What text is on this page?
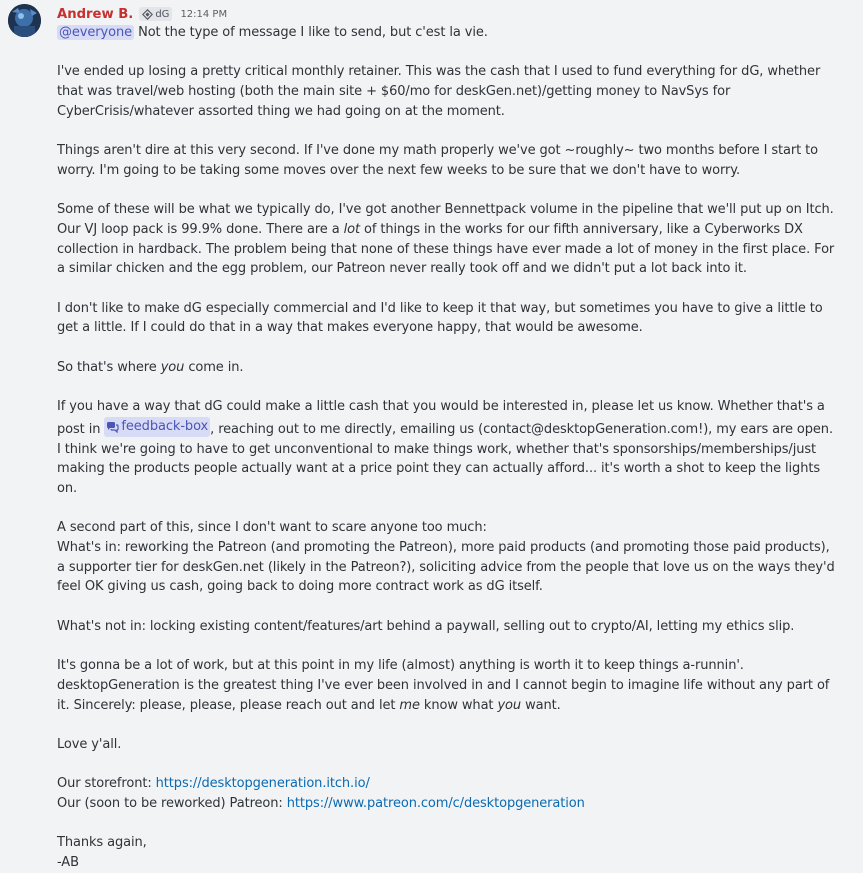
Andrew B. dG 12:14 PM

@everyone Not the type of message I like to send, but c'est la vie.

I've ended up losing a pretty critical monthly retainer. This was the cash that I used to fund everything for dG, whether that was travel/web hosting (both the main site + $60/mo for deskGen.net)/getting money to NavSys for CyberCrisis/whatever assorted thing we had going on at the moment.

Things aren't dire at this very second. If I've done my math properly we've got ~roughly~ two months before I start to worry. I'm going to be taking some moves over the next few weeks to be sure that we don't have to worry.

Some of these will be what we typically do, I've got another Bennettpack volume in the pipeline that we'll put up on Itch. Our VJ loop pack is 99.9% done. There are a lot of things in the works for our fifth anniversary, like a Cyberworks DX collection in hardback. The problem being that none of these things have ever made a lot of money in the first place. For a similar chicken and the egg problem, our Patreon never really took off and we didn't put a lot back into it.

I don't like to make dG especially commercial and I'd like to keep it that way, but sometimes you have to give a little to get a little. If I could do that in a way that makes everyone happy, that would be awesome.

So that's where you come in.

If you have a way that dG could make a little cash that you would be interested in, please let us know. Whether that's a post in feedback-box , reaching out to me directly, emailing us (contact@desktopGeneration.com!), my ears are open. I think we're going to have to get unconventional to make things work, whether that's sponsorships/memberships/just making the products people actually want at a price point they can actually afford... it's worth a shot to keep the lights on.

A second part of this, since I don't want to scare anyone too much:

What's in: reworking the Patreon (and promoting the Patreon), more paid products (and promoting those paid products), a supporter tier for deskGen.net (likely in the Patreon?), soliciting advice from the people that love us on the ways they'd feel OK giving us cash, going back to doing more contract work as dG itself.

What's not in: locking existing content/features/art behind a paywall, selling out to crypto/AI, letting my ethics slip.

It's gonna be a lot of work, but at this point in my life (almost) anything is worth it to keep things a-runnin'. desktopGeneration is the greatest thing I've ever been involved in and I cannot begin to imagine life without any part of it. Sincerely: please, please, please reach out and let me know what you want.

Love y'all.

Our storefront: https://desktopgeneration.itch.io/

Our (soon to be reworked) Patreon: https://www.patreon.com/c/desktopgeneration

Thanks again,

-AB
